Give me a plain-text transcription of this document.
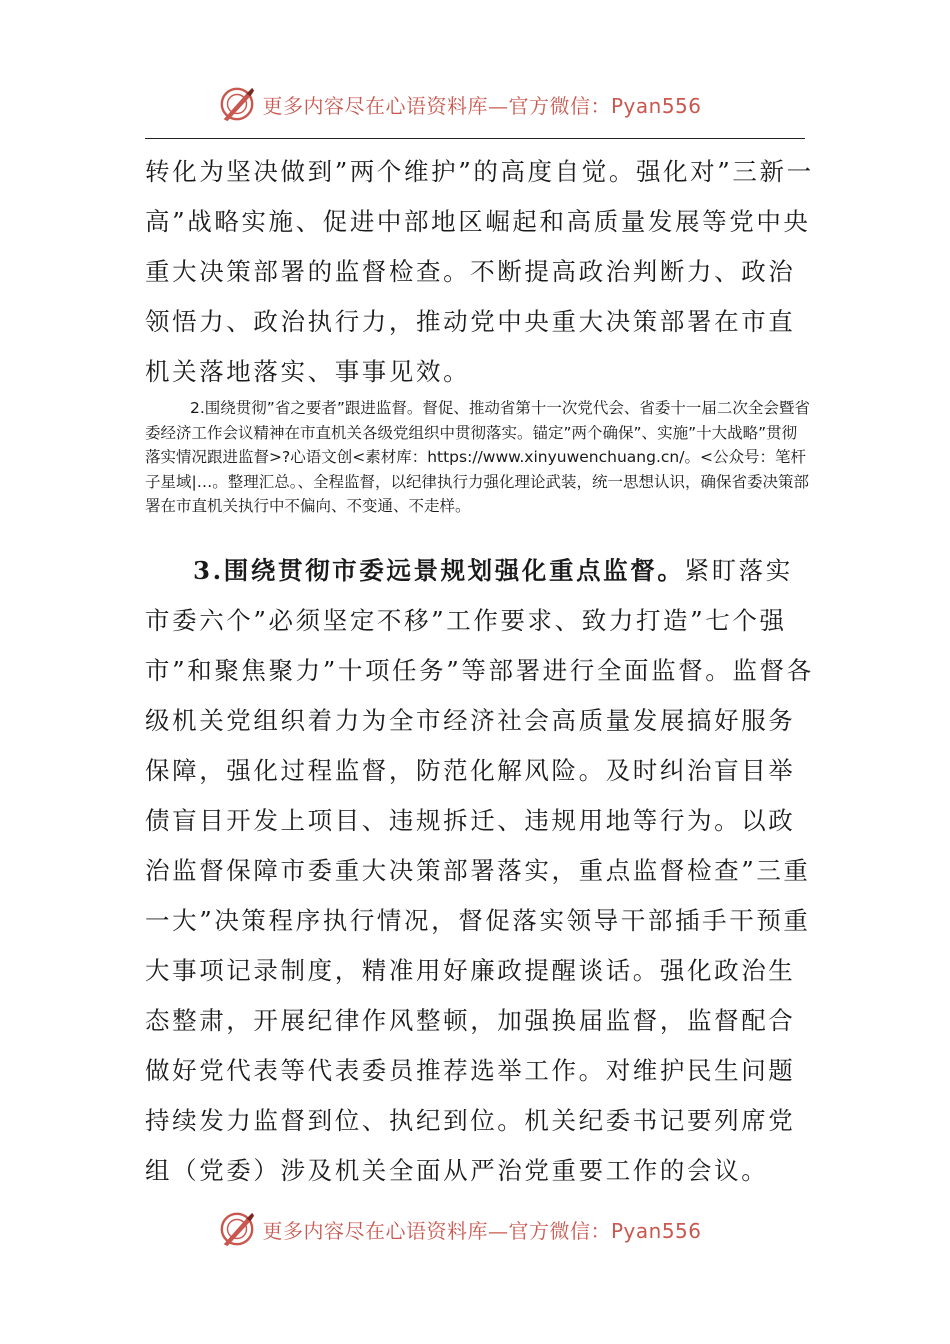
更多内容尽在心语资料库—官方微信：Pyan556

转化为坚决做到”两个维护”的高度自觉。强化对”三新一高”战略实施、促进中部地区崛起和高质量发展等党中央重大决策部署的监督检查。不断提高政治判断力、政治领悟力、政治执行力，推动党中央重大决策部署在市直机关落地落实、事事见效。

2.围绕贯彻”省之要者”跟进监督。督促、推动省第十一次党代会、省委十一届二次全会暨省委经济工作会议精神在市直机关各级党组织中贯彻落实。锚定”两个确保”、实施”十大战略”贯彻落实情况跟进监督>?心语文创<素材库：https://www.xinyuwenchuang.cn/。<公众号：笔杆子星域|…。整理汇总。、全程监督，以纪律执行力强化理论武装，统一思想认识，确保省委决策部署在市直机关执行中不偏向、不变通、不走样。

3.围绕贯彻市委远景规划强化重点监督。紧盯落实市委六个”必须坚定不移”工作要求、致力打造”七个强市”和聚焦聚力”十项任务”等部署进行全面监督。监督各级机关党组织着力为全市经济社会高质量发展搞好服务保障，强化过程监督，防范化解风险。及时纠治盲目举债盲目开发上项目、违规拆迁、违规用地等行为。以政治监督保障市委重大决策部署落实，重点监督检查”三重一大”决策程序执行情况，督促落实领导干部插手干预重大事项记录制度，精准用好廉政提醒谈话。强化政治生态整肃，开展纪律作风整顿，加强换届监督，监督配合做好党代表等代表委员推荐选举工作。对维护民生问题持续发力监督到位、执纪到位。机关纪委书记要列席党组（党委）涉及机关全面从严治党重要工作的会议。

更多内容尽在心语资料库—官方微信：Pyan556
